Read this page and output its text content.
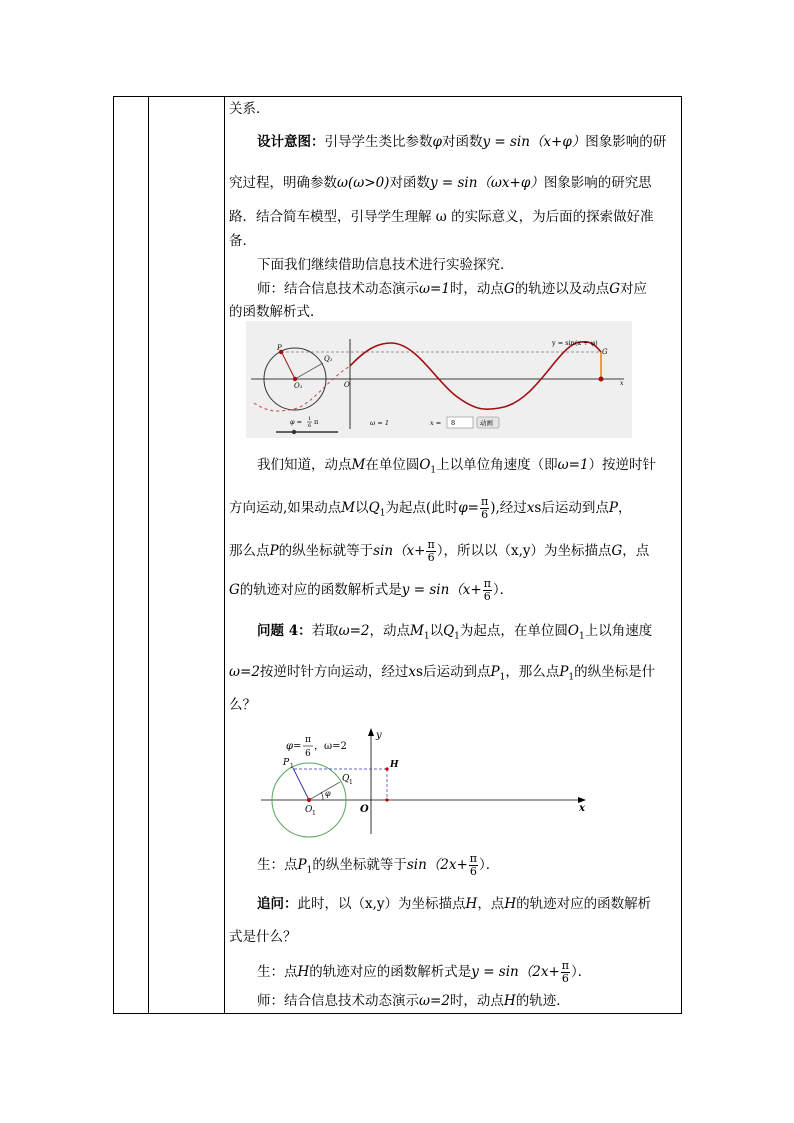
关系．
设计意图：引导学生类比参数φ对函数y = sin（x+φ）图象影响的研
究过程，明确参数ω(ω>0)对函数y = sin（ωx+φ）图象影响的研究思
路．结合简车模型，引导学生理解 ω 的实际意义，为后面的探索做好准
备．
下面我们继续借助信息技术进行实验探究．
师：结合信息技术动态演示ω=1时，动点G的轨迹以及动点G对应
的函数解析式．
P
Q₁
O₁	O	x
y = sin(x + φ)
G
φ = 1
6 π	ω = 1	x = 8	动画
我们知道，动点M在单位圆$O_1$上以单位角速度（即ω=1）按逆时针
方向运动,如果动点M以$Q_1$为起点(此时$\varphi= \frac{\pi}{6}$ ),经过xs后运动到点P，
那么点P的纵坐标就等于$\sin(x+ \frac{\pi}{6}$ ），所以以（x,y）为坐标描点G，点
G的轨迹对应的函数解析式是$y = \sin(x+ \frac{\pi}{6}$ ）．
问题 4：若取ω=2，动点$M_1$以$Q_1$为起点，在单位圆$O_1$上以角速度
ω=2按逆时针方向运动，经过xs后运动到点$P_1$，那么点$P_1$的纵坐标是什
么？
φ=
π
6
，ω=2
P 1
Q 1
O 1
φ
H
O	x
y
生：点$P_1$的纵坐标就等于$\sin(2x+ \frac{\pi}{6}$ ）．
追问：此时，以（x,y）为坐标描点H，点H的轨迹对应的函数解析
式是什么？
生：点H的轨迹对应的函数解析式是$y = \sin(2x+ \frac{\pi}{6}$ ）．
师：结合信息技术动态演示ω=2时，动点H的轨迹．
